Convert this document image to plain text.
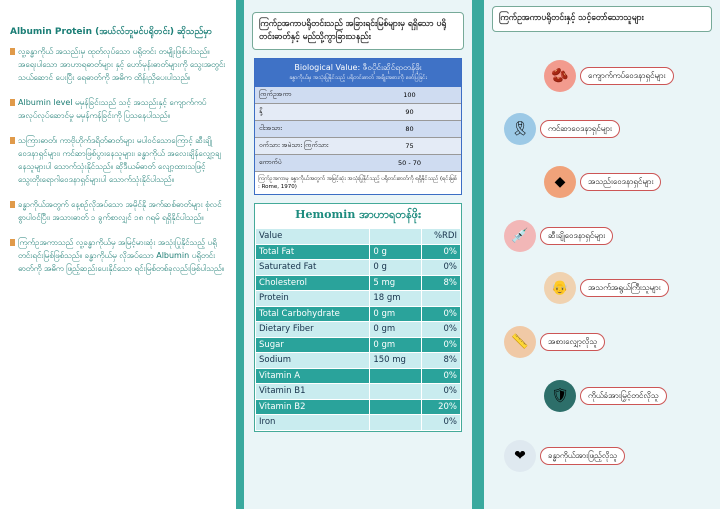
Albumin Protein (အယ်လ်ဘူမင်ပရိုတင်း) ဆိုသည်မှာ
လူ့ခန္ဓာကိုယ် အသည်းမှ ထုတ်လုပ်သော ပရိုတင်း တမျိုးဖြစ်ပါသည်။ အရေးပါသော အာဟာရဓာတ်များ နှင့် ဟော်မုန်းဓာတ်များကို သွေးအတွင်း သယ်ဆောင် ပေးပြီး ရေဓာတ်ကို အဓိက ထိန်းညှိပေးပါသည်။
Albumin level မမှန်ခြင်းသည် သင့် အသည်းနှင့် ကျောက်ကပ် အလုပ်လုပ်ဆောင်မှု မမှန်ကန်ခြင်းကို ပြသနေပါသည်။
သကြားဓာတ်၊ ကာဗိုဟိုက်ဒရိတ်ဓာတ်များ မပါဝင်သောကြောင့် ဆီးချိုဝေဒနာရှင်များ၊ ကင်ဆာဖြစ်ပွားနေသူများ၊ ခန္ဓာကိုယ် အလေးချိန်လျှော့ချနေသူများပါ သောက်သုံးနိုင်သည်။ ဆိုဒီယမ်ဓာတ် လျော့ထားသဖြင့် သွေးတိုးရောဂါဝေဒနာရှင်များပါ သောက်သုံးနိုင်ပါသည်။
ခန္ဓာကိုယ်အတွက် နေ့စဉ်လိုအပ်သော အမိုင်နို အက်ဆစ်ဓာတ်များ စုံလင်စွာပါဝင်ပြီး၊ အသားဓာတ် ၁ ခွက်စာလျှင် ၁၈ ဂရမ် ရရှိနိုင်ပါသည်။
ကြက်ဥအကာသည် လူ့ခန္ဓာကိုယ်မှ အမြင့်မားဆုံး အသုံးပြုနိုင်သည့် ပရိုတင်းရင်းမြစ်ဖြစ်သည်။ ခန္ဓာကိုယ်မှ လိုအပ်သော Albumin ပရိုတင်းဓာတ်ကို အဓိက ဖြည့်ဆည်းပေးနိုင်သော ရင်းမြစ်တစ်ခုလည်းဖြစ်ပါသည်။
ကြက်ဥအကာပရိုတင်းသည် အခြားရင်းမြစ်များမှ ရရှိသော ပရိုတင်းဓာတ်နှင့် မည်သို့ကွာခြားသနည်း
Biological Value: ဇီဝပိုင်းဆိုင်ရာတန်ဖိုး
ခန္ဓာကိုယ်မှ အသုံးပြုနိုင်သည့် ပရိုတင်းဓာတ် အချိုးအစားကို ဖော်ပြခြင်း
ကြက်ဥအကာ	100
နို့	90
ငါးအသား	80
ဝက်သား အမဲသား ကြက်သား	75
ကောက်ပဲ	50 - 70
ကြက်ဥအကာမှ ခန္ဓာကိုယ်အတွက် အမြင့်ဆုံး အသုံးပြုနိုင်သည့် ပရိုတင်းဓာတ်ကို ရရှိနိုင်သည် (ရင်းမြစ် : Rome, 1970)
Hemomin အာဟာရတန်ဖိုး
Value		%RDI
Total Fat	0 g	0%
Saturated Fat	0 g	0%
Cholesterol	5 mg	8%
Protein	18 gm	
Total Carbohydrate	0 gm	0%
Dietary Fiber	0 gm	0%
Sugar	0 gm	0%
Sodium	150 mg	8%
Vitamin A		0%
Vitamin B1		0%
Vitamin B2		20%
Iron		0%
ကြက်ဥအကာပရိုတင်းနှင့် သင့်တော်သောသူများ
🫘	ကျောက်ကပ်ဝေဒနာရှင်များ
🎗	ကင်ဆာဝေဒနာရှင်များ
◆	အသည်းဝေဒနာရှင်များ
💉	ဆီးချိုဝေဒနာရှင်များ
👴	အသက်အရွယ်ကြီးသူများ
📏	အစားလျှော့လိုသူ
🛡	ကိုယ်ခံအားမြှင့်တင်လိုသူ
❤	ခန္ဓာကိုယ်အားဖြည့်လိုသူ
